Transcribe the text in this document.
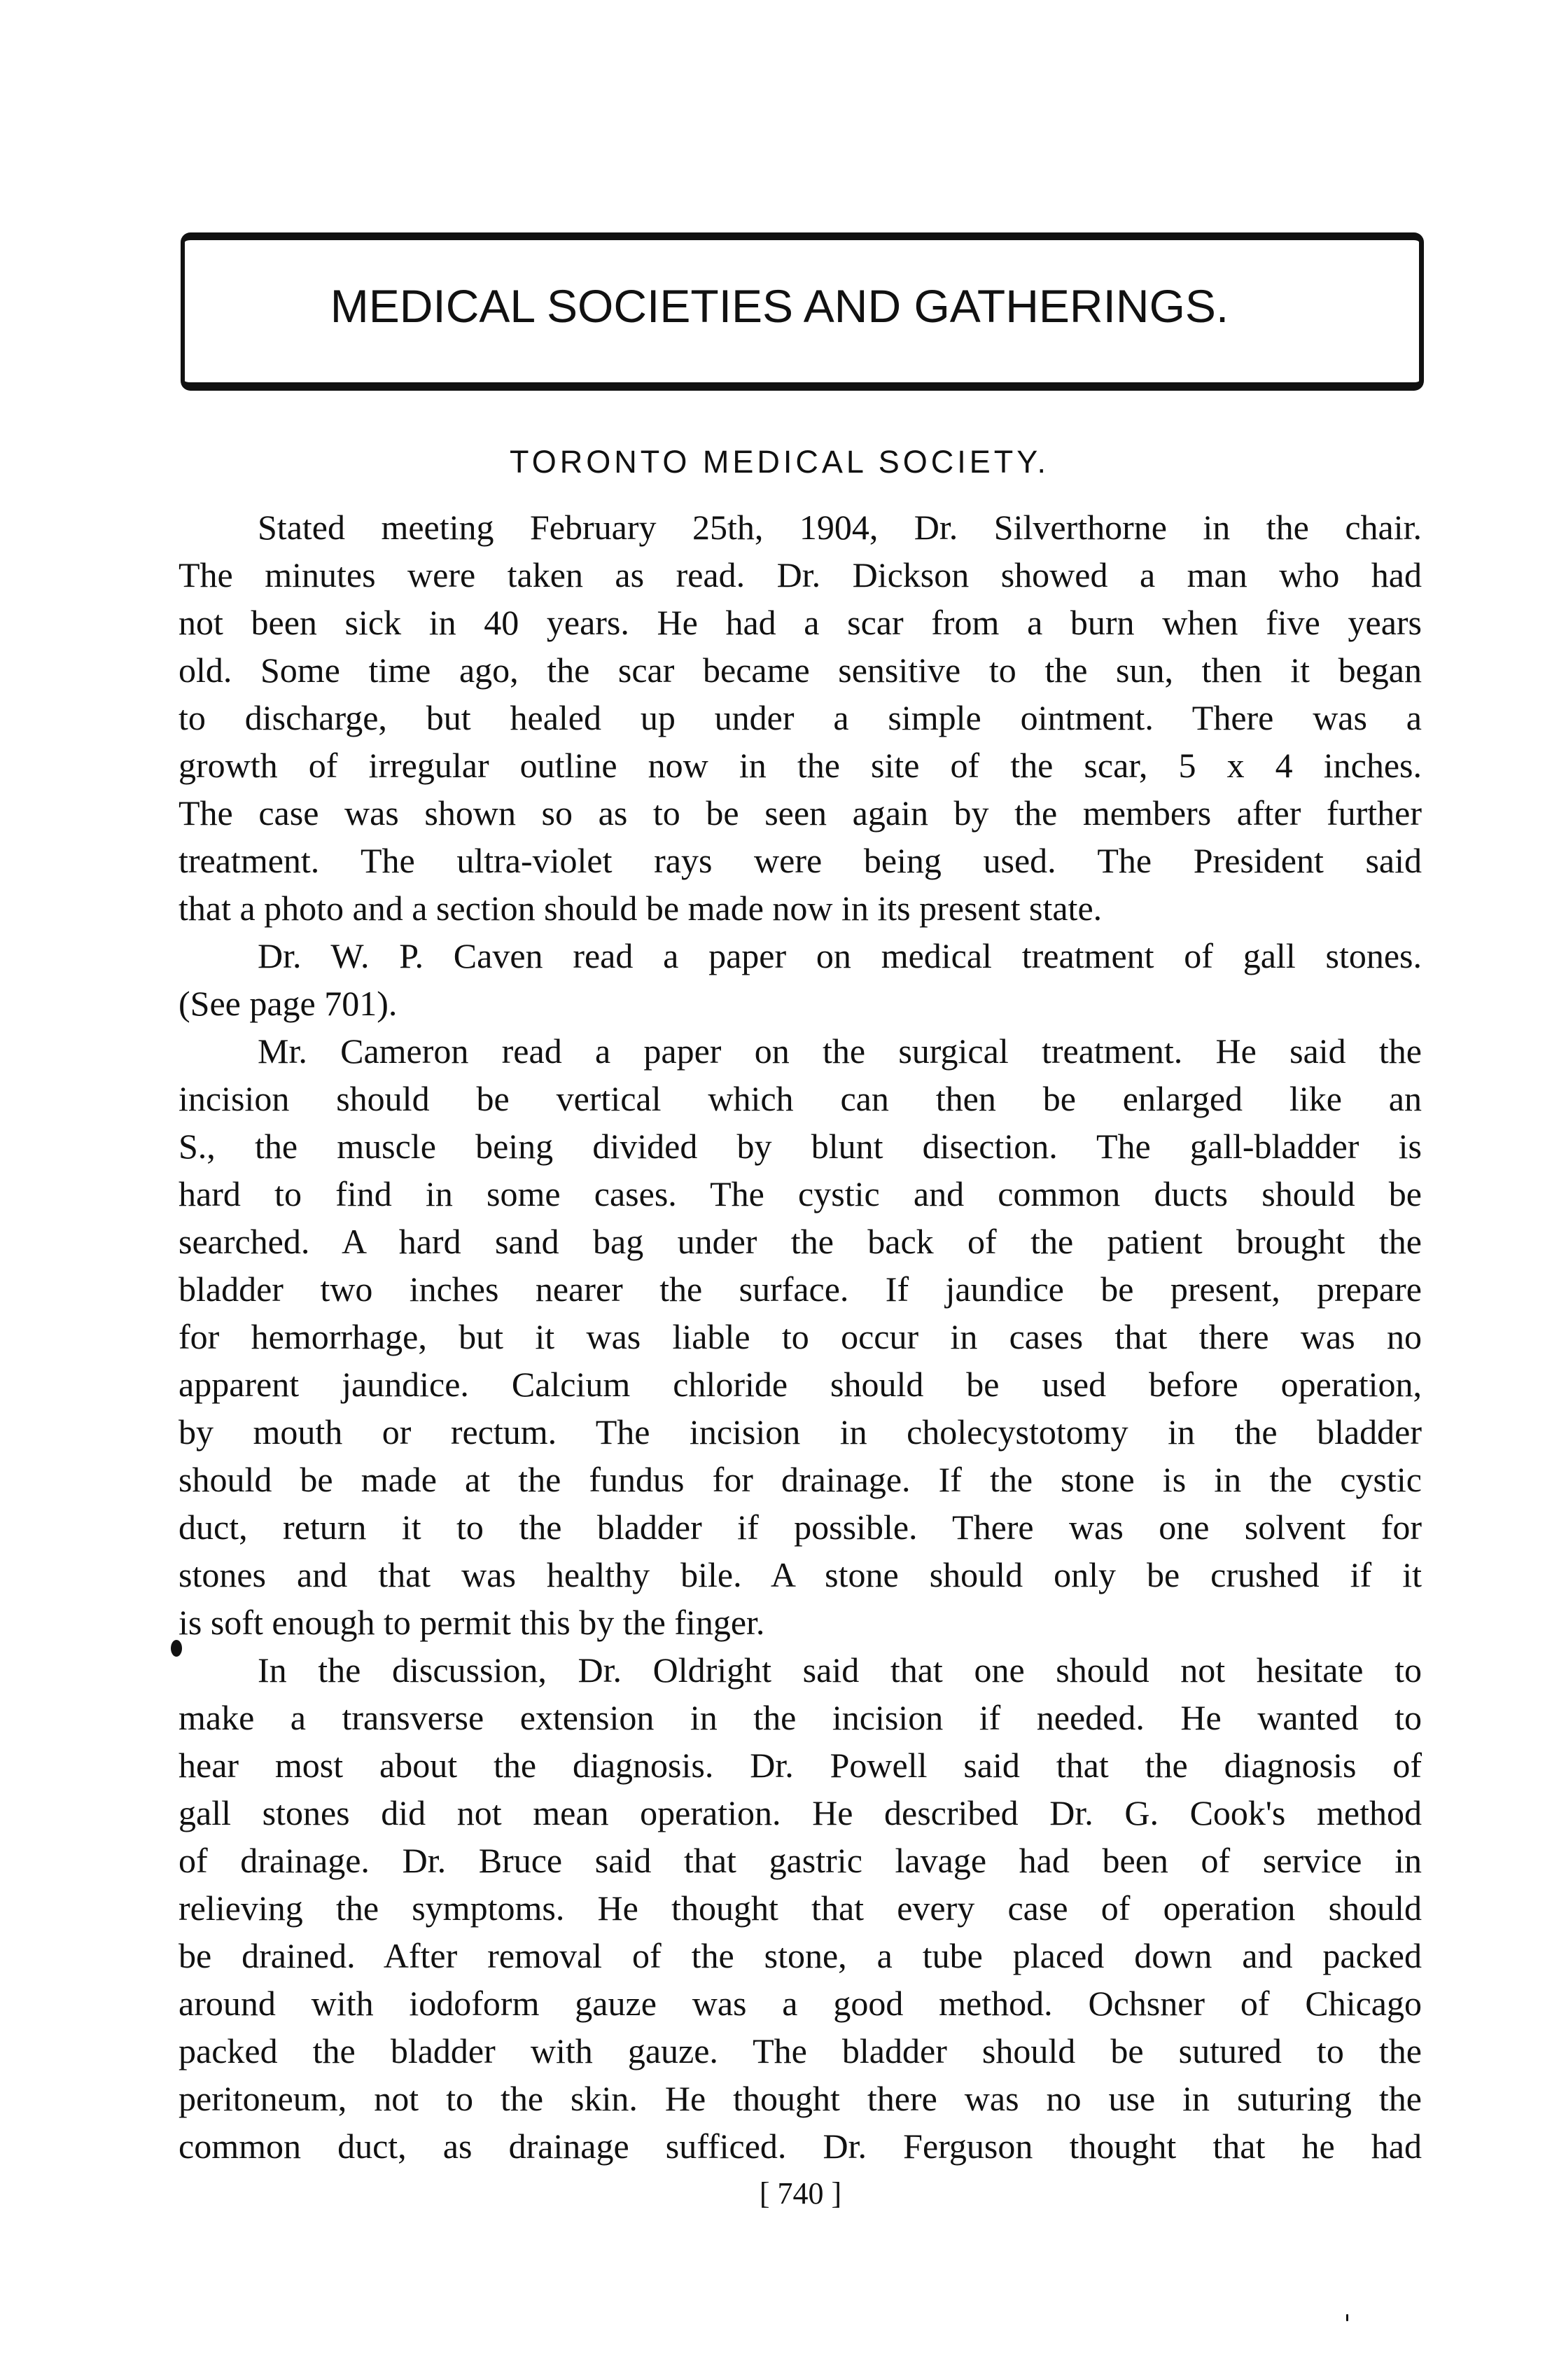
MEDICAL SOCIETIES AND GATHERINGS.
TORONTO MEDICAL SOCIETY.
Stated meeting February 25th, 1904, Dr. Silverthorne in the chair.
The minutes were taken as read. Dr. Dickson showed a man who had
not been sick in 40 years. He had a scar from a burn when five years
old. Some time ago, the scar became sensitive to the sun, then it began
to discharge, but healed up under a simple ointment. There was a
growth of irregular outline now in the site of the scar, 5 x 4 inches.
The case was shown so as to be seen again by the members after further
treatment. The ultra-violet rays were being used. The President said
that a photo and a section should be made now in its present state.
Dr. W. P. Caven read a paper on medical treatment of gall stones.
(See page 701).
Mr. Cameron read a paper on the surgical treatment. He said the
incision should be vertical which can then be enlarged like an
S., the muscle being divided by blunt disection. The gall-bladder is
hard to find in some cases. The cystic and common ducts should be
searched. A hard sand bag under the back of the patient brought the
bladder two inches nearer the surface. If jaundice be present, prepare
for hemorrhage, but it was liable to occur in cases that there was no
apparent jaundice. Calcium chloride should be used before operation,
by mouth or rectum. The incision in cholecystotomy in the bladder
should be made at the fundus for drainage. If the stone is in the cystic
duct, return it to the bladder if possible. There was one solvent for
stones and that was healthy bile. A stone should only be crushed if it
is soft enough to permit this by the finger.
In the discussion, Dr. Oldright said that one should not hesitate to
make a transverse extension in the incision if needed. He wanted to
hear most about the diagnosis. Dr. Powell said that the diagnosis of
gall stones did not mean operation. He described Dr. G. Cook's method
of drainage. Dr. Bruce said that gastric lavage had been of service in
relieving the symptoms. He thought that every case of operation should
be drained. After removal of the stone, a tube placed down and packed
around with iodoform gauze was a good method. Ochsner of Chicago
packed the bladder with gauze. The bladder should be sutured to the
peritoneum, not to the skin. He thought there was no use in suturing the
common duct, as drainage sufficed. Dr. Ferguson thought that he had
[ 740 ]
